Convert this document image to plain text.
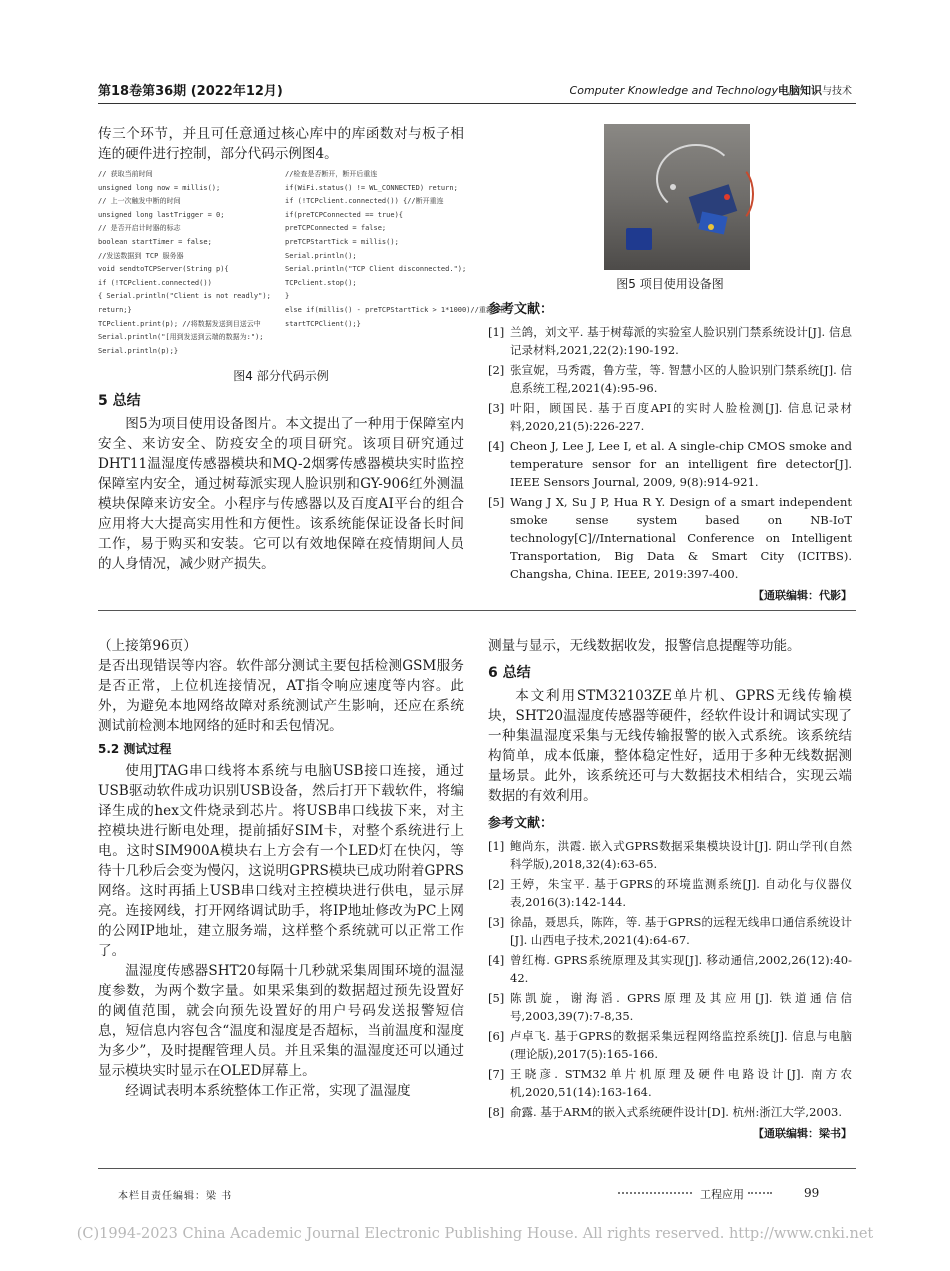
第18卷第36期 (2022年12月)	Computer Knowledge and Technology电脑知识与技术

传三个环节，并且可任意通过核心库中的库函数对与板子相连的硬件进行控制，部分代码示例图4。

// 获取当前时间
unsigned long now = millis();
// 上一次触发中断的时间
unsigned long lastTrigger = 0;
// 是否开启计时器的标志
boolean startTimer = false;
//发送数据到 TCP 服务器
void sendtoTCPServer(String p){
if (!TCPclient.connected())
{ Serial.println("Client is not readly");
return;}
TCPclient.print(p); //将数据发送到目送云中
Serial.println("[用到发送到云端的数据为:");
Serial.println(p);}
//检查是否断开，断开后重连
if(WiFi.status() != WL_CONNECTED) return;
if (!TCPclient.connected()) {//断开重连
if(preTCPConnected == true){
preTCPConnected = false;
preTCPStartTick = millis();
Serial.println();
Serial.println("TCP Client disconnected.");
TCPclient.stop();
}
else if(millis() - preTCPStartTick > 1*1000)//重新连接
startTCPClient();}
图4 部分代码示例
5 总结

图5为项目使用设备图片。本文提出了一种用于保障室内安全、来访安全、防疫安全的项目研究。该项目研究通过DHT11温湿度传感器模块和MQ-2烟雾传感器模块实时监控保障室内安全，通过树莓派实现人脸识别和GY-906红外测温模块保障来访安全。小程序与传感器以及百度AI平台的组合应用将大大提高实用性和方便性。该系统能保证设备长时间工作，易于购买和安装。它可以有效地保障在疫情期间人员的人身情况，减少财产损失。

图5 项目使用设备图
参考文献：
[1] 兰鸽，刘文平. 基于树莓派的实验室人脸识别门禁系统设计[J]. 信息记录材料,2021,22(2):190-192.
[2] 张宣妮，马秀霞，鲁方莹，等. 智慧小区的人脸识别门禁系统[J]. 信息系统工程,2021(4):95-96.
[3] 叶阳，顾国民. 基于百度API的实时人脸检测[J]. 信息记录材料,2020,21(5):226-227.
[4] Cheon J, Lee J, Lee I, et al. A single-chip CMOS smoke and temperature sensor for an intelligent fire detector[J]. IEEE Sensors Journal, 2009, 9(8):914-921.
[5] Wang J X, Su J P, Hua R Y. Design of a smart independent smoke sense system based on NB-IoT technology[C]//International Conference on Intelligent Transportation, Big Data & Smart City (ICITBS). Changsha, China. IEEE, 2019:397-400.
【通联编辑：代影】

（上接第96页）

是否出现错误等内容。软件部分测试主要包括检测GSM服务是否正常，上位机连接情况，AT指令响应速度等内容。此外，为避免本地网络故障对系统测试产生影响，还应在系统测试前检测本地网络的延时和丢包情况。

5.2 测试过程

使用JTAG串口线将本系统与电脑USB接口连接，通过USB驱动软件成功识别USB设备，然后打开下载软件，将编译生成的hex文件烧录到芯片。将USB串口线拔下来，对主控模块进行断电处理，提前插好SIM卡，对整个系统进行上电。这时SIM900A模块右上方会有一个LED灯在快闪，等待十几秒后会变为慢闪，这说明GPRS模块已成功附着GPRS网络。这时再插上USB串口线对主控模块进行供电，显示屏亮。连接网线，打开网络调试助手，将IP地址修改为PC上网的公网IP地址，建立服务端，这样整个系统就可以正常工作了。

温湿度传感器SHT20每隔十几秒就采集周围环境的温湿度参数，为两个数字量。如果采集到的数据超过预先设置好的阈值范围，就会向预先设置好的用户号码发送报警短信息，短信息内容包含“温度和湿度是否超标，当前温度和湿度为多少”，及时提醒管理人员。并且采集的温湿度还可以通过显示模块实时显示在OLED屏幕上。

经调试表明本系统整体工作正常，实现了温湿度

测量与显示，无线数据收发，报警信息提醒等功能。

6 总结

本文利用STM32103ZE单片机、GPRS无线传输模块，SHT20温湿度传感器等硬件，经软件设计和调试实现了一种集温湿度采集与无线传输报警的嵌入式系统。该系统结构简单，成本低廉，整体稳定性好，适用于多种无线数据测量场景。此外，该系统还可与大数据技术相结合，实现云端数据的有效利用。

参考文献：
[1] 鲍尚东，洪霞. 嵌入式GPRS数据采集模块设计[J]. 阴山学刊(自然科学版),2018,32(4):63-65.
[2] 王婷，朱宝平. 基于GPRS的环境监测系统[J]. 自动化与仪器仪表,2016(3):142-144.
[3] 徐晶，聂思兵，陈阵，等. 基于GPRS的远程无线串口通信系统设计[J]. 山西电子技术,2021(4):64-67.
[4] 曾红梅. GPRS系统原理及其实现[J]. 移动通信,2002,26(12):40-42.
[5] 陈凯旋，谢海滔. GPRS原理及其应用[J]. 铁道通信信号,2003,39(7):7-8,35.
[6] 卢卓飞. 基于GPRS的数据采集远程网络监控系统[J]. 信息与电脑(理论版),2017(5):165-166.
[7] 王晓彦. STM32单片机原理及硬件电路设计[J]. 南方农机,2020,51(14):163-164.
[8] 俞露. 基于ARM的嵌入式系统硬件设计[D]. 杭州:浙江大学,2003.
【通联编辑：梁书】
本栏目责任编辑：梁 书	工程应用	99
(C)1994-2023 China Academic Journal Electronic Publishing House. All rights reserved. http://www.cnki.net
